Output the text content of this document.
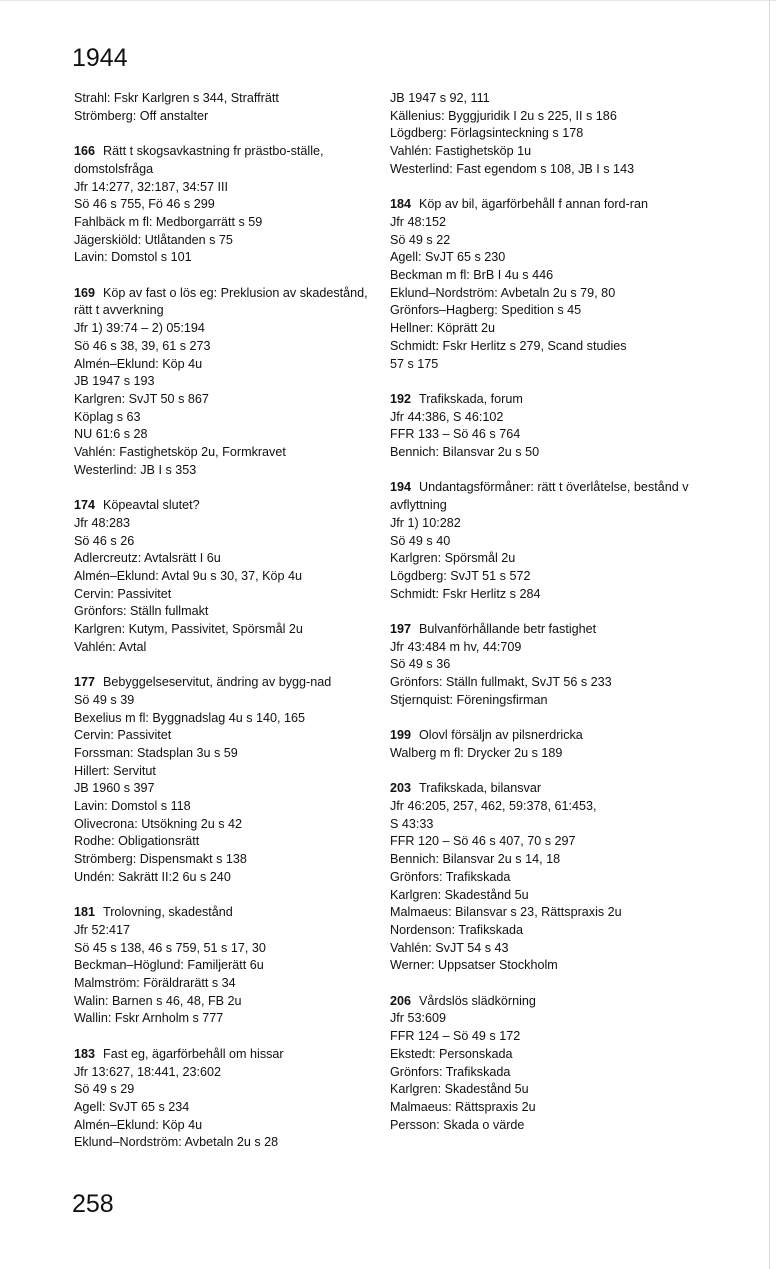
1944
Strahl: Fskr Karlgren s 344, Straffrätt
Strömberg: Off anstalter
166 Rätt t skogsavkastning fr prästbo-ställe, domstolsfråga
Jfr 14:277, 32:187, 34:57 III
Sö 46 s 755, Fö 46 s 299
Fahlbäck m fl: Medborgarrätt s 59
Jägerskiöld: Utlåtanden s 75
Lavin: Domstol s 101
169 Köp av fast o lös eg: Preklusion av skadestånd, rätt t avverkning
Jfr 1) 39:74 – 2) 05:194
Sö 46 s 38, 39, 61 s 273
Almén–Eklund: Köp 4u
JB 1947 s 193
Karlgren: SvJT 50 s 867
Köplag s 63
NU 61:6 s 28
Vahlén: Fastighetsköp 2u, Formkravet
Westerlind: JB I s 353
174 Köpeavtal slutet?
Jfr 48:283
Sö 46 s 26
Adlercreutz: Avtalsrätt I 6u
Almén–Eklund: Avtal 9u s 30, 37, Köp 4u
Cervin: Passivitet
Grönfors: Ställn fullmakt
Karlgren: Kutym, Passivitet, Spörsmål 2u
Vahlén: Avtal
177 Bebyggelseservitut, ändring av bygg-nad
Sö 49 s 39
Bexelius m fl: Byggnadslag 4u s 140, 165
Cervin: Passivitet
Forssman: Stadsplan 3u s 59
Hillert: Servitut
JB 1960 s 397
Lavin: Domstol s 118
Olivecrona: Utsökning 2u s 42
Rodhe: Obligationsrätt
Strömberg: Dispensmakt s 138
Undén: Sakrätt II:2 6u s 240
181 Trolovning, skadestånd
Jfr 52:417
Sö 45 s 138, 46 s 759, 51 s 17, 30
Beckman–Höglund: Familjerätt 6u
Malmström: Föräldrarätt s 34
Walin: Barnen s 46, 48, FB 2u
Wallin: Fskr Arnholm s 777
183 Fast eg, ägarförbehåll om hissar
Jfr 13:627, 18:441, 23:602
Sö 49 s 29
Agell: SvJT 65 s 234
Almén–Eklund: Köp 4u
Eklund–Nordström: Avbetaln 2u s 28
JB 1947 s 92, 111
Källenius: Byggjuridik I 2u s 225, II s 186
Lögdberg: Förlagsinteckning s 178
Vahlén: Fastighetsköp 1u
Westerlind: Fast egendom s 108, JB I s 143
184 Köp av bil, ägarförbehåll f annan ford-ran
Jfr 48:152
Sö 49 s 22
Agell: SvJT 65 s 230
Beckman m fl: BrB I 4u s 446
Eklund–Nordström: Avbetaln 2u s 79, 80
Grönfors–Hagberg: Spedition s 45
Hellner: Köprätt 2u
Schmidt: Fskr Herlitz s 279, Scand studies
57 s 175
192 Trafikskada, forum
Jfr 44:386, S 46:102
FFR 133 – Sö 46 s 764
Bennich: Bilansvar 2u s 50
194 Undantagsförmåner: rätt t överlåtelse, bestånd v avflyttning
Jfr 1) 10:282
Sö 49 s 40
Karlgren: Spörsmål 2u
Lögdberg: SvJT 51 s 572
Schmidt: Fskr Herlitz s 284
197 Bulvanförhållande betr fastighet
Jfr 43:484 m hv, 44:709
Sö 49 s 36
Grönfors: Ställn fullmakt, SvJT 56 s 233
Stjernquist: Föreningsfirman
199 Olovl försäljn av pilsnerdricka
Walberg m fl: Drycker 2u s 189
203 Trafikskada, bilansvar
Jfr 46:205, 257, 462, 59:378, 61:453,
S 43:33
FFR 120 – Sö 46 s 407, 70 s 297
Bennich: Bilansvar 2u s 14, 18
Grönfors: Trafikskada
Karlgren: Skadestånd 5u
Malmaeus: Bilansvar s 23, Rättspraxis 2u
Nordenson: Trafikskada
Vahlén: SvJT 54 s 43
Werner: Uppsatser Stockholm
206 Vårdslös slädkörning
Jfr 53:609
FFR 124 – Sö 49 s 172
Ekstedt: Personskada
Grönfors: Trafikskada
Karlgren: Skadestånd 5u
Malmaeus: Rättspraxis 2u
Persson: Skada o värde
258
